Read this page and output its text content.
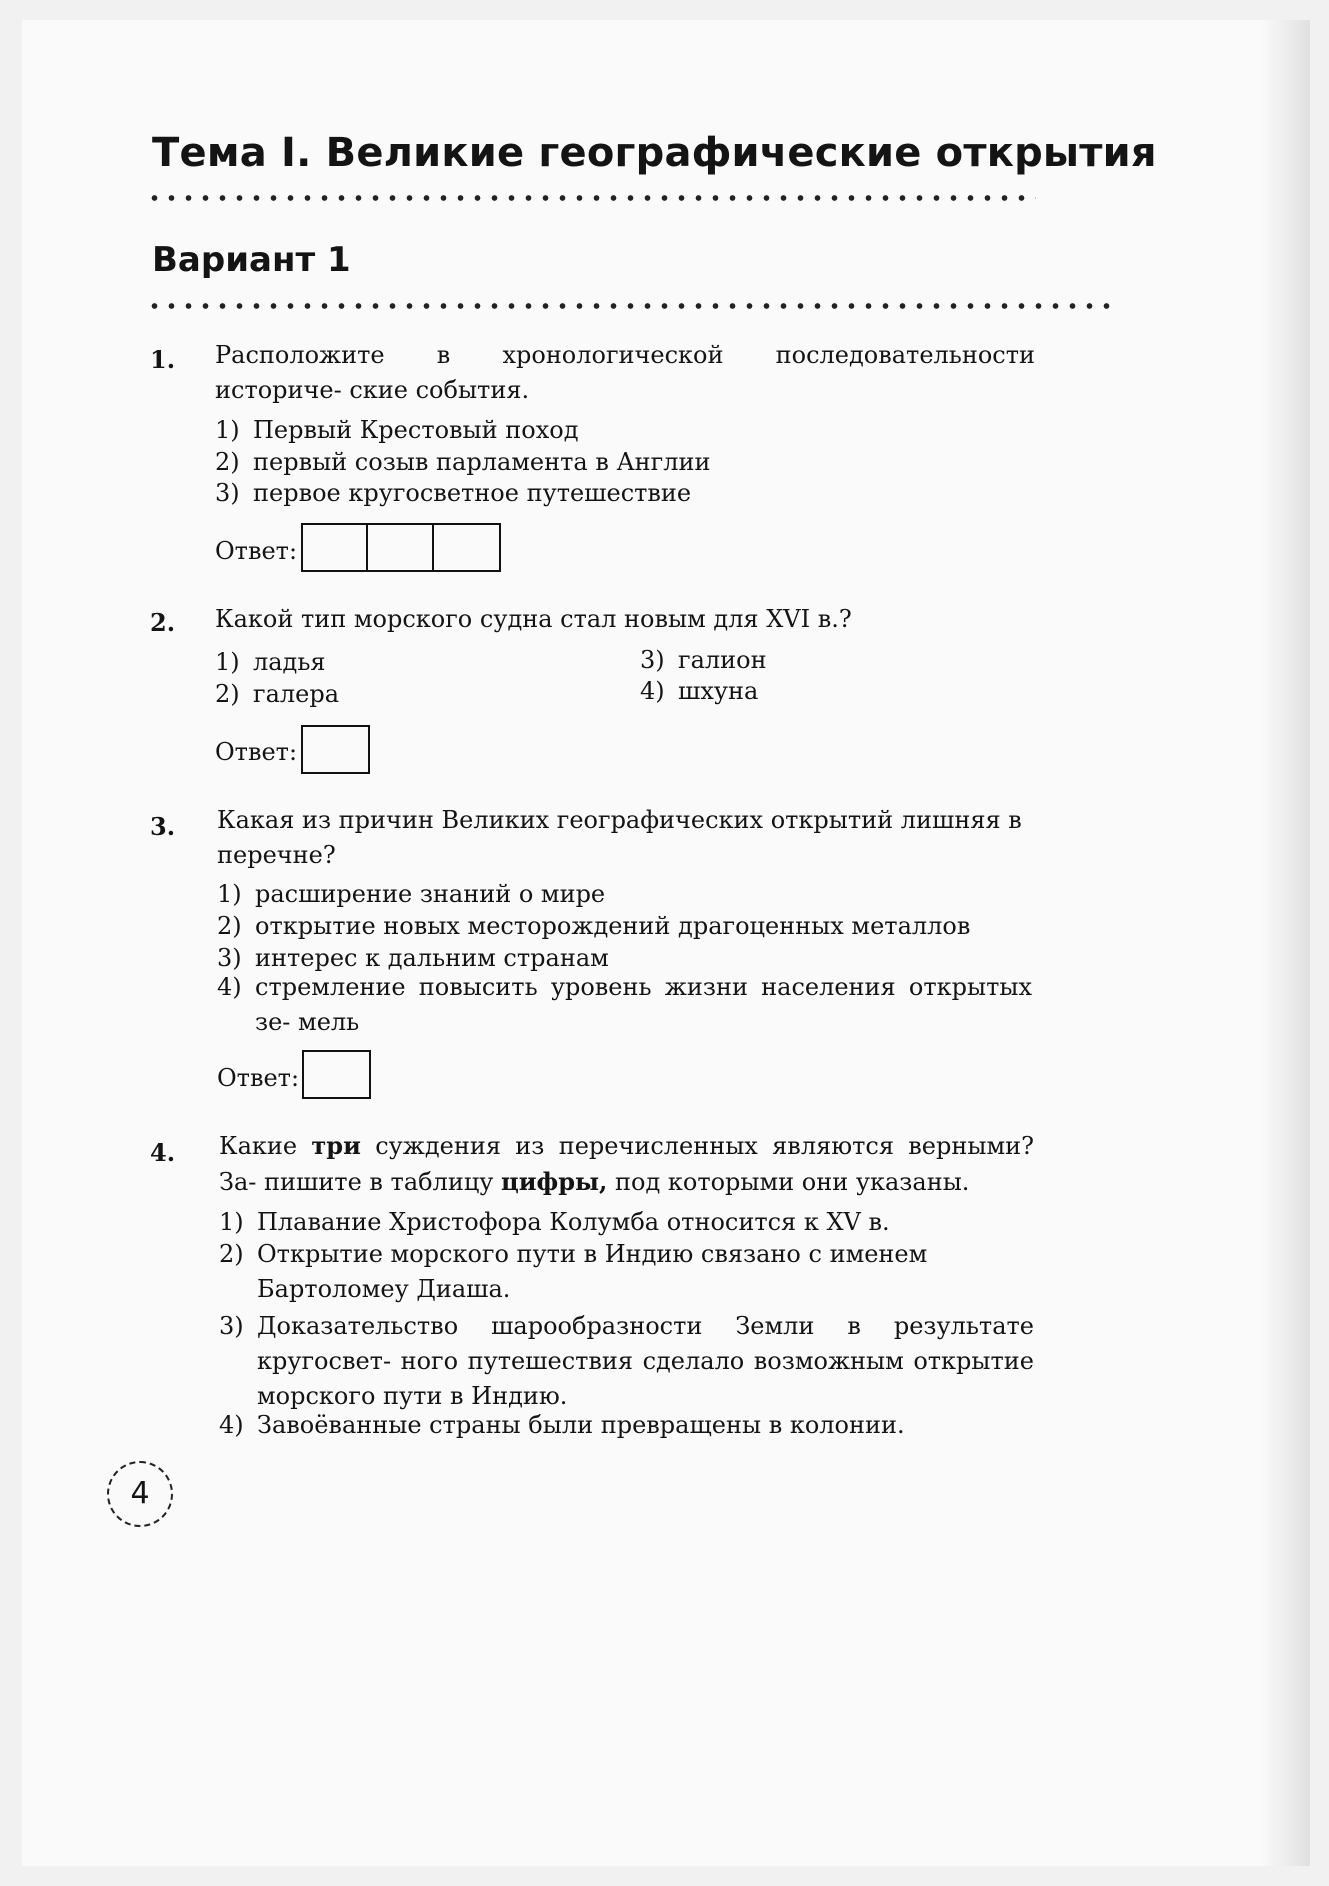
Тема I. Великие географические открытия
Вариант 1
1. Расположите в хронологической последовательности историче- ские события.
1) Первый Крестовый поход
2) первый созыв парламента в Англии
3) первое кругосветное путешествие
Ответ:
2. Какой тип морского судна стал новым для XVI в.?
1) ладья
2) галера
3) галион
4) шхуна
Ответ:
3. Какая из причин Великих географических открытий лишняя в перечне?
1) расширение знаний о мире
2) открытие новых месторождений драгоценных металлов
3) интерес к дальним странам
4) стремление повысить уровень жизни населения открытых зе- мель
Ответ:
4. Какие три суждения из перечисленных являются верными? За- пишите в таблицу цифры, под которыми они указаны.
1) Плавание Христофора Колумба относится к XV в.
2) Открытие морского пути в Индию связано с именем Бартоломеу Диаша.
3) Доказательство шарообразности Земли в результате кругосвет- ного путешествия сделало возможным открытие морского пути в Индию.
4) Завоёванные страны были превращены в колонии.
4
